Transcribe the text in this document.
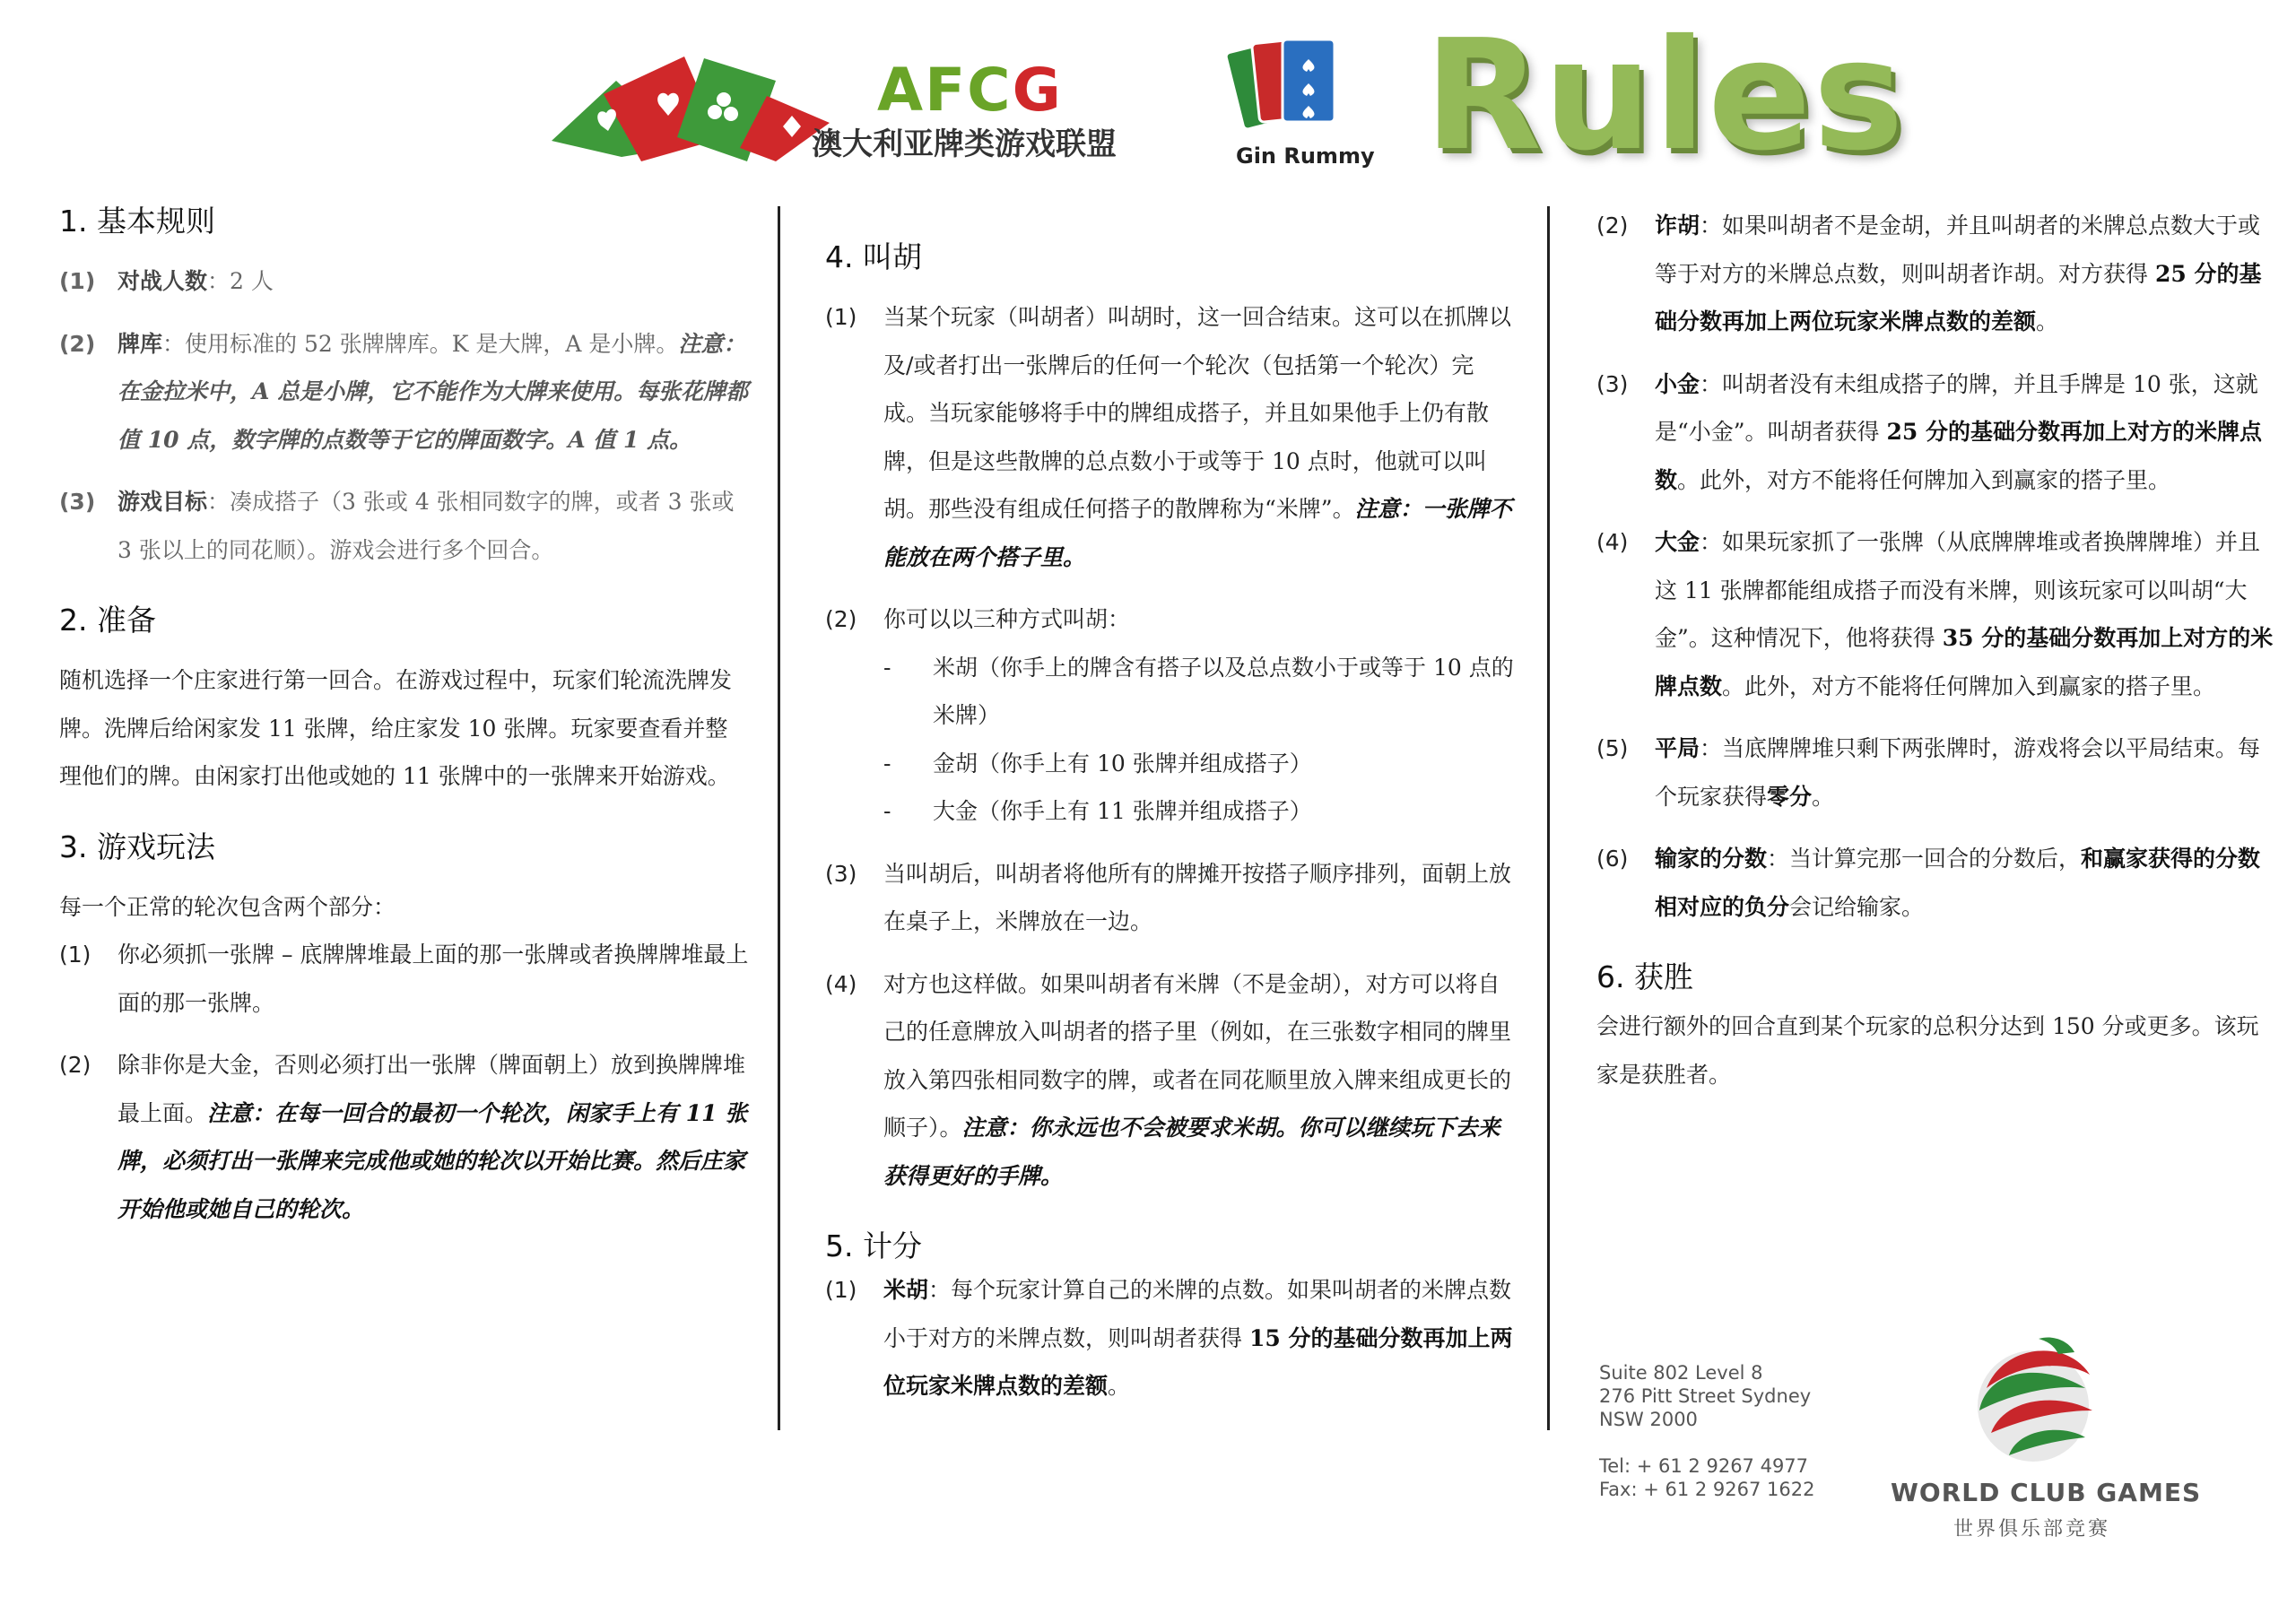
AFCG
澳大利亚牌类游戏联盟	Gin Rummy Rules
1. 基本规则
(1) 对战人数：2 人
(2) 牌库：使用标准的 52 张牌牌库。K 是大牌，A 是小牌。注意：在金拉米中，A 总是小牌，它不能作为大牌来使用。每张花牌都值 10 点，数字牌的点数等于它的牌面数字。A 值 1 点。
(3) 游戏目标：凑成搭子（3 张或 4 张相同数字的牌，或者 3 张或 3 张以上的同花顺）。游戏会进行多个回合。
2. 准备

随机选择一个庄家进行第一回合。在游戏过程中，玩家们轮流洗牌发牌。洗牌后给闲家发 11 张牌，给庄家发 10 张牌。玩家要查看并整理他们的牌。由闲家打出他或她的 11 张牌中的一张牌来开始游戏。

3. 游戏玩法

每一个正常的轮次包含两个部分：

(1)	你必须抓一张牌 – 底牌牌堆最上面的那一张牌或者换牌牌堆最上面的那一张牌。
(2)	除非你是大金，否则必须打出一张牌（牌面朝上）放到换牌牌堆最上面。注意：在每一回合的最初一个轮次，闲家手上有 11 张牌，必须打出一张牌来完成他或她的轮次以开始比赛。然后庄家开始他或她自己的轮次。
4. 叫胡
(1)	当某个玩家（叫胡者）叫胡时，这一回合结束。这可以在抓牌以及/或者打出一张牌后的任何一个轮次（包括第一个轮次）完成。当玩家能够将手中的牌组成搭子，并且如果他手上仍有散牌，但是这些散牌的总点数小于或等于 10 点时，他就可以叫胡。那些没有组成任何搭子的散牌称为“米牌”。注意：一张牌不能放在两个搭子里。
(2)	你可以以三种方式叫胡：
-	米胡（你手上的牌含有搭子以及总点数小于或等于 10 点的米牌）
-	金胡（你手上有 10 张牌并组成搭子）
-	大金（你手上有 11 张牌并组成搭子）
(3)	当叫胡后，叫胡者将他所有的牌摊开按搭子顺序排列，面朝上放在桌子上，米牌放在一边。
(4)	对方也这样做。如果叫胡者有米牌（不是金胡），对方可以将自己的任意牌放入叫胡者的搭子里（例如，在三张数字相同的牌里放入第四张相同数字的牌，或者在同花顺里放入牌来组成更长的顺子）。注意：你永远也不会被要求米胡。你可以继续玩下去来获得更好的手牌。
5. 计分
(1)	米胡：每个玩家计算自己的米牌的点数。如果叫胡者的米牌点数小于对方的米牌点数，则叫胡者获得 15 分的基础分数再加上两位玩家米牌点数的差额。
(2)	诈胡：如果叫胡者不是金胡，并且叫胡者的米牌总点数大于或等于对方的米牌总点数，则叫胡者诈胡。对方获得 25 分的基础分数再加上两位玩家米牌点数的差额。
(3)	小金：叫胡者没有未组成搭子的牌，并且手牌是 10 张，这就是“小金”。叫胡者获得 25 分的基础分数再加上对方的米牌点数。此外，对方不能将任何牌加入到赢家的搭子里。
(4)	大金：如果玩家抓了一张牌（从底牌牌堆或者换牌牌堆）并且这 11 张牌都能组成搭子而没有米牌，则该玩家可以叫胡“大金”。这种情况下，他将获得 35 分的基础分数再加上对方的米牌点数。此外，对方不能将任何牌加入到赢家的搭子里。
(5)	平局：当底牌牌堆只剩下两张牌时，游戏将会以平局结束。每个玩家获得零分。
(6)	输家的分数：当计算完那一回合的分数后，和赢家获得的分数相对应的负分会记给输家。
6. 获胜

会进行额外的回合直到某个玩家的总积分达到 150 分或更多。该玩家是获胜者。

Suite 802 Level 8
276 Pitt Street Sydney
NSW 2000
Tel: + 61 2 9267 4977
Fax: + 61 2 9267 1622	WORLD CLUB GAMES
世界俱乐部竞赛
